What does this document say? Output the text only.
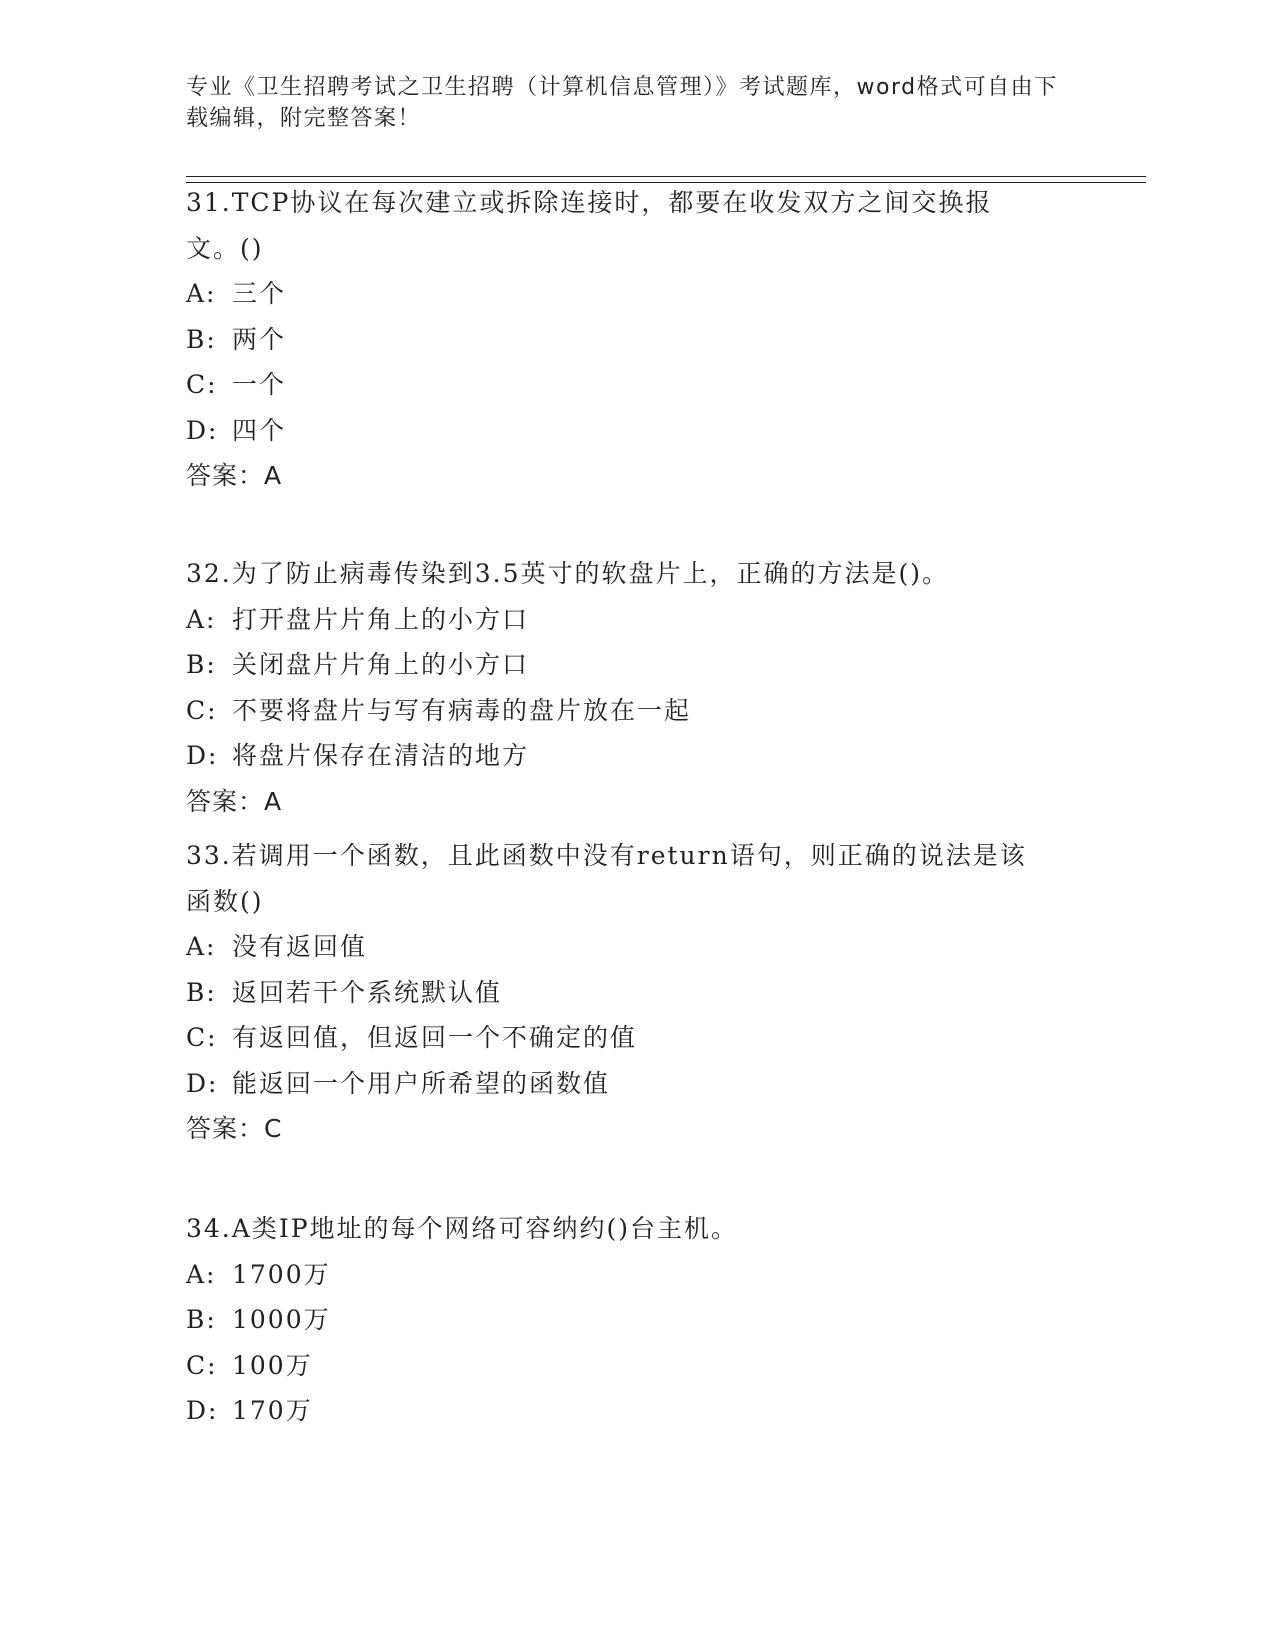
专业《卫生招聘考试之卫生招聘（计算机信息管理）》考试题库，word格式可自由下载编辑，附完整答案！
31.TCP协议在每次建立或拆除连接时，都要在收发双方之间交换报文。()
A: 三个
B: 两个
C: 一个
D: 四个
答案：A
32.为了防止病毒传染到3.5英寸的软盘片上，正确的方法是()。
A: 打开盘片片角上的小方口
B: 关闭盘片片角上的小方口
C: 不要将盘片与写有病毒的盘片放在一起
D: 将盘片保存在清洁的地方
答案：A
33.若调用一个函数，且此函数中没有return语句，则正确的说法是该函数()
A: 没有返回值
B: 返回若干个系统默认值
C: 有返回值，但返回一个不确定的值
D: 能返回一个用户所希望的函数值
答案：C
34.A类IP地址的每个网络可容纳约()台主机。
A: 1700万
B: 1000万
C: 100万
D: 170万
